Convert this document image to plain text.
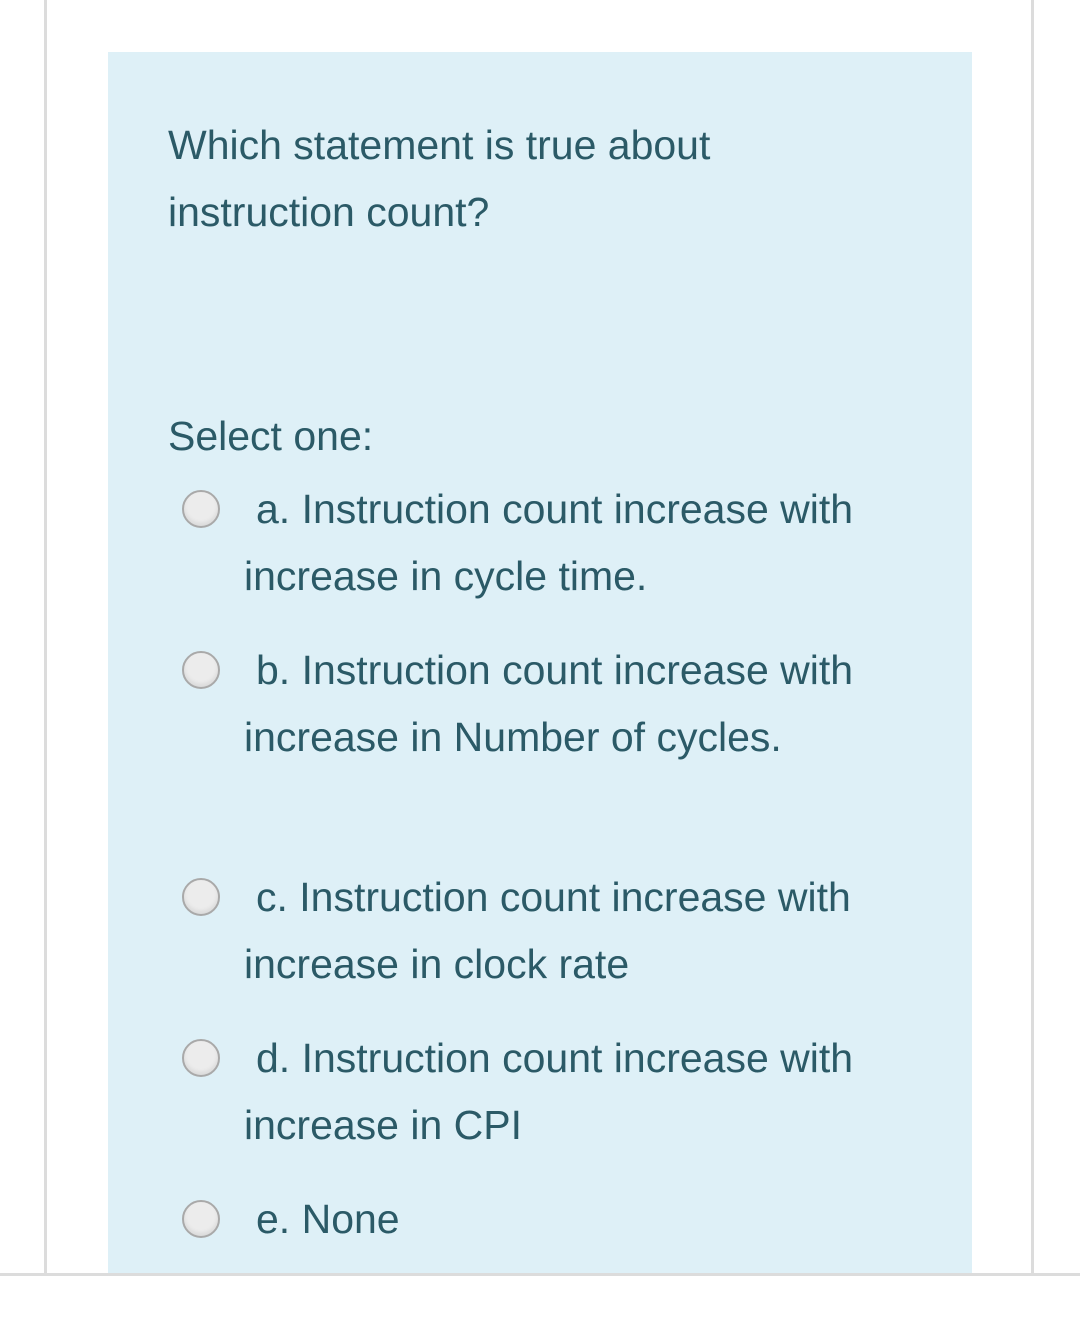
Which statement is true about instruction count?
Select one:
a. Instruction count increase with increase in cycle time.
b. Instruction count increase with increase in Number of cycles.
c. Instruction count increase with increase in clock rate
d. Instruction count increase with increase in CPI
e. None
